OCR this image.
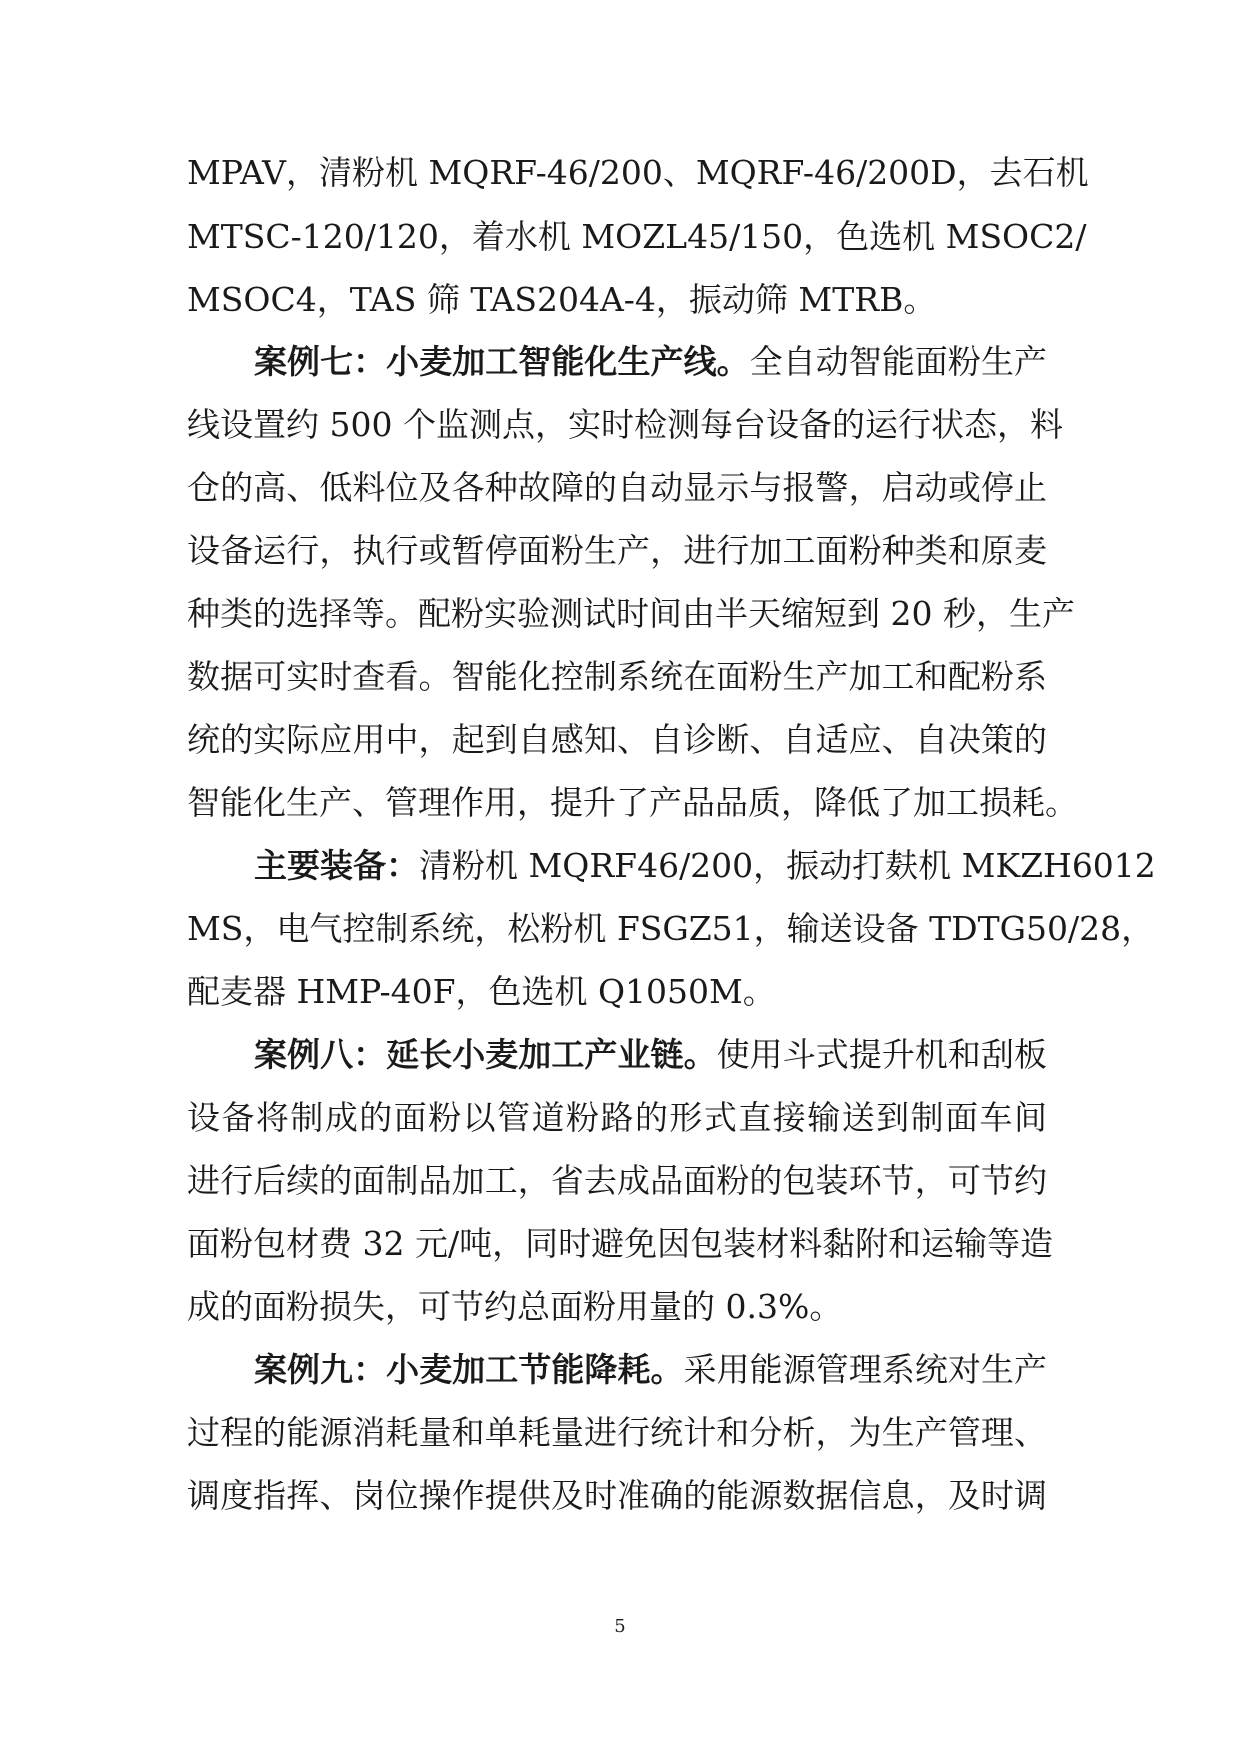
MPAV，清粉机 MQRF-46/200、MQRF-46/200D，去石机
MTSC-120/120，着水机 MOZL45/150，色选机 MSOC2/
MSOC4，TAS 筛 TAS204A-4，振动筛 MTRB。
案例七：小麦加工智能化生产线。全自动智能面粉生产
线设置约 500 个监测点，实时检测每台设备的运行状态，料
仓的高、低料位及各种故障的自动显示与报警，启动或停止
设备运行，执行或暂停面粉生产，进行加工面粉种类和原麦
种类的选择等。配粉实验测试时间由半天缩短到 20 秒，生产
数据可实时查看。智能化控制系统在面粉生产加工和配粉系
统的实际应用中，起到自感知、自诊断、自适应、自决策的
智能化生产、管理作用，提升了产品品质，降低了加工损耗。
主要装备：清粉机 MQRF46/200，振动打麸机 MKZH6012
MS，电气控制系统，松粉机 FSGZ51，输送设备 TDTG50/28，
配麦器 HMP-40F，色选机 Q1050M。
案例八：延长小麦加工产业链。使用斗式提升机和刮板
设备将制成的面粉以管道粉路的形式直接输送到制面车间
进行后续的面制品加工，省去成品面粉的包装环节，可节约
面粉包材费 32 元/吨，同时避免因包装材料黏附和运输等造
成的面粉损失，可节约总面粉用量的 0.3%。
案例九：小麦加工节能降耗。采用能源管理系统对生产
过程的能源消耗量和单耗量进行统计和分析，为生产管理、
调度指挥、岗位操作提供及时准确的能源数据信息，及时调
5
